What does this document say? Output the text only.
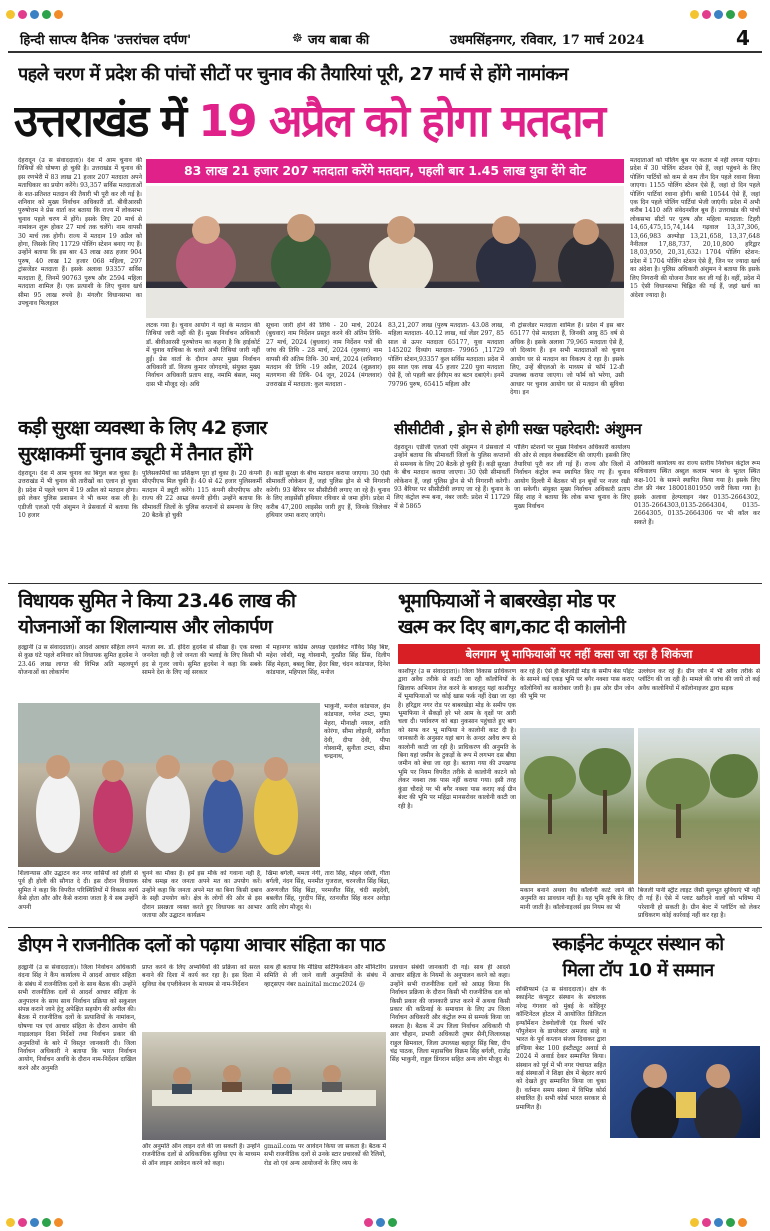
हिन्दी साप्त्य दैनिक 'उत्तरांचल दर्पण'	☸ जय बाबा की	उधमसिंहनगर, रविवार, 17 मार्च 2024	4
पहले चरण में प्रदेश की पांचों सीटों पर चुनाव की तैयारियां पूरी, 27 मार्च से होंगे नामांकन
उत्तराखंड में 19 अप्रैल को होगा मतदान
देहरादून (उ स संवाददाता)। देश में आम चुनाव की तिथियों की घोषणा हो चुकी है। उत्तराखंड में चुनाव की इस रणभेरी में 83 लाख 21 हजार 207 मतदाता अपने मताधिकार का प्रयोग करेंगे। 93,357 सर्विस मतदाताओं के शत-प्रतिशत मतदान की तैयारी भी पूरी कर ली गई है। शनिवार को मुख्य निर्वाचन अधिकारी डॉ. बीवीआरसी पुरुषोत्तम ने प्रेस वार्ता कर बताया कि राज्य में लोकसभा चुनाव पहले चरण में होंगे। इसके लिए 20 मार्च से नामांकन शुरू होकर 27 मार्च तक चलेंगे। नाम वापसी 30 मार्च तक होगी। राज्य में मतदान 19 अप्रैल को होगा, जिसके लिए 11729 पोलिंग स्टेशन बनाए गए हैं। उन्होंने बताया कि इस बार 43 लाख आठ हजार 904 पुरुष, 40 लाख 12 हजार 068 महिला, 297 ट्रांसजेंडर मतदाता हैं। इसके अलावा 93357 सर्विस मतदाता हैं, जिनमें 90763 पुरुष और 2594 महिला मतदाता शामिल हैं। एक प्रत्याशी के लिए चुनाव खर्च सीमा 95 लाख रुपये है। मंगलौर विधानसभा का उपचुनाव फिलहाल
83 लाख 21 हजार 207 मतदाता करेंगे मतदान, पहली बार 1.45 लाख युवा देंगे वोट
लटक गया है। चुनाव आयोग ने यहां के मतदान की तिथियां जारी नहीं की हैं। मुख्य निर्वाचन अधिकारी डॉ. बीवीआरसी पुरुषोत्तम का कहना है कि हाईकोर्ट में चुनाव याचिका के चलते अभी तिथियां जारी नहीं हुईं। प्रेस वार्ता के दौरान अपर मुख्य निर्वाचन अधिकारी डॉ. विजय कुमार जोगदण्डे, संयुक्त मुख्य निर्वाचन अधिकारी प्रताप शाह, नमामि बंसल, मस्तू दास भी मौजूद रहे। अधि
सूचना जारी होने की तिथि - 20 मार्च, 2024 (बुधवार) नाम निर्देशन प्रस्तुत करने की अंतिम तिथि- 27 मार्च, 2024 (बुधवार) नाम निर्देशन पत्रों की जांच की तिथि - 28 मार्च, 2024 (गुरुवार) नाम वापसी की अंतिम तिथि- 30 मार्च, 2024 (शनिवार) मतदान की तिथि -19 अप्रैल, 2024 (शुक्रवार) मतगणना की तिथि- 04 जून, 2024 (मंगलवार) उत्तराखंड में मतदाता: कुल मतदाता -
83,21,207 लाख (पुरुष मतदाता- 43.08 लाख, महिला मतदाता- 40.12 लाख, थर्ड जेंडर 297, 85 साल से ऊपर मतदाता 65177, युवा मतदाता 145202 दिव्यांग मतदाता- 79965 ,11729 पोलिंग स्टेशन,93357 कुल सर्विस मतदाता। प्रदेश में इस साल एक लाख 45 हजार 220 युवा मतदाता ऐसे हैं, जो पहली बार ईवीएम का बटन दबाएंगे। इनमें 79796 पुरुष, 65415 महिला और
नौ ट्रांसजेंडर मतदाता शामिल हैं। प्रदेश में इस बार 65177 ऐसे मतदाता हैं, जिनकी आयु 85 वर्ष से अधिक है। इसके अलावा 79,965 मतदाता ऐसे हैं, जो दिव्यांग हैं। इन सभी मतदाताओं को चुनाव आयोग घर से मतदान का विकल्प दे रहा है। इसके लिए, उन्हें बीएलओ के माध्यम से फॉर्म 12-डी उपलब्ध कराया जाएगा। जो फॉर्म को भरेगा, उसी आधार पर चुनाव आयोग घर से मतदान की सुविधा देगा। इन
मतदाताओं को पोलिंग बूथ पर कतार में नहीं लगना पड़ेगा। प्रदेश में 30 पोलिंग स्टेशन ऐसे हैं, जहां पहुंचने के लिए पोलिंग पार्टियों को कम से कम तीन दिन पहले रवाना किया जाएगा। 1155 पोलिंग स्टेशन ऐसे हैं, जहां दो दिन पहले पोलिंग पार्टियां रवाना होंगी। बाकी 10544 ऐसे हैं, जहां एक दिन पहले पोलिंग पार्टियां भेजी जाएंगी। प्रदेश में अभी करीब 1410 अति संवेदनशील बूथ हैं। उत्तराखंड की पांचों लोकसभा सीटों पर पुरुष और महिला मतदाता: टिहरी 14,65,475,15,74,144 गढ़वाल 13,37,306, 13,66,983 अल्मोड़ा 13,21,658, 13,37,648 नैनीताल 17,88,737, 20,10,800 हरिद्वार 18,03,950, 20,31,632। 1704 पोलिंग स्टेशन: प्रदेश में 1704 पोलिंग स्टेशन ऐसे हैं, जिन पर ज्यादा खर्च का अंदेशा है। पुलिस अधिकारी अंशुमन ने बताया कि इसके लिए निगरानी की योजना तैयार कर ली गई है। वहीं, प्रदेश में 15 ऐसी विधानसभा चिह्नित की गई हैं, जहां खर्च का अंदेशा ज्यादा है।
कड़ी सुरक्षा व्यवस्था के लिए 42 हजार
सुरक्षाकर्मी चुनाव ड्यूटी में तैनात होंगे
देहरादून। देश में आम चुनाव का बिगुल बज चुका है। उत्तराखंड में भी चुनाव की तारीखों का एलान हो चुका है। प्रदेश में पहले चरण में 19 अप्रैल को मतदान होगा। इसे लेकर पुलिस प्रशासन ने भी कमर कस ली है। एडीजी एलओ एपी अंशुमन ने प्रेसवार्ता में बताया कि 10 हजार
पुलिसकर्मियों का प्रशिक्षण पूरा हो चुका है। 20 कंपनी सीएपीएफ मिल चुकी हैं। 40 से 42 हजार पुलिसकर्मी मतदान में ड्यूटी करेंगे। 115 कंपनी सीएपीएफ और राज्य की 22 आम्र्ड कंपनी होंगी। उन्होंने बताया कि सीमावर्ती जिलों के पुलिस कप्तानों से समन्वय के लिए 20 बैठकें हो चुकी
हैं। कड़ी सुरक्षा के बीच मतदान कराया जाएगा। 30 ऐसी सीमावर्ती लोकेशन हैं, जहां पुलिस ड्रोन से भी निगरानी करेगी। 93 बैरियर पर सीसीटीवी लगाए जा रहे हैं। चुनाव के लिए लाइसेंसी हथियार रविवार से जमा होंगे। प्रदेश में करीब 47,200 लाइसेंस जारी हुए हैं, जिनके जिलेवार हथियार जमा कराए जाएंगे।
सीसीटीवी , ड्रोन से होगी सख्त पहरेदारी: अंशुमन
देहरादून। एडीजी एलओ एपी अंशुमन ने प्रेसवार्ता में उन्होंने बताया कि सीमावर्ती जिलों के पुलिस कप्तानों से समन्वय के लिए 20 बैठकें हो चुकी हैं। कड़ी सुरक्षा के बीच मतदान कराया जाएगा। 30 ऐसी सीमावर्ती लोकेशन हैं, जहां पुलिस ड्रोन से भी निगरानी करेगी। 93 बैरियर पर सीसीटीवी लगाए जा रहे हैं। चुनाव के लिए कंट्रोल रूम बना, नंबर जारी: प्रदेश में 11729 में से 5865
पोलिंग स्टेशनों पर मुख्य निर्वाचन अधिकारी कार्यालय की ओर से लाइव वेबकास्टिंग की जाएगी। इसकी लिए तैयारियां पूरी कर ली गई हैं। राज्य और जिलों में निर्वाचन कंट्रोल रूम स्थापित किए गए हैं। चुनाव आयोग दिल्ली में बैठकर भी इन बूथों पर नजर रखी जा सकेगी। संयुक्त मुख्य निर्वाचन अधिकारी प्रताप सिंह शाह ने बताया कि लोक सभा चुनाव के लिए मुख्य निर्वाचन
अधिकारी कार्यालय का राज्य स्तरीय निर्वाचन कंट्रोल रूम सचिवालय स्थित अब्दुल कलाम भवन के भूतल स्थित कक्ष-101 के सामने स्थापित किया गया है। इसके लिए टोल फ्री नंबर 18001801950 जारी किया गया है। इसके अलावा हेल्पलाइन नंबर 0135-2664302, 0135-2664303,0135-2664304, 0135-2664305, 0135-2664306 पर भी कॉल कर सकते हैं।
विधायक सुमित ने किया 23.46 लाख की
योजनाओं का शिलान्यास और लोकार्पण
हल्द्वानी (उ स संवाददाता)। आदर्श आचार संहिता लगने से कुछ घंटे पहले शनिवार को विधायक सुमित हृदयेश ने 23.46 लाख लागत की विभिन्न अति महत्वपूर्ण योजनाओं का लोकार्पण
मतजा स्व. डॉ. इंदिरा हृदयेश से सीखा है। एक सच्चा जननेता वही है जो जनता की भलाई के लिए किसी भी हद से गुजर जाये। सुमित हृदयेश ने कहा कि सबके सामने देश के लिए नई सरकार
में महानगर कांग्रेस अध्यक्ष एडवोकेट गोविंद सिंह बिष्ट, महेश जोशी, मन्नू गोस्वामी, गुरप्रीत सिंह प्रिंस, दिलीप सिंह मेहता, बबलू बिष्ट, हेंदर बिष्ट, चंदन कांडपाल, दिनेश कांडपाल, महिपाल सिंह, मनोज
भाकुनी, मनोज कांडपाल, हेम कांडपाल, गणेश टम्टा, पुष्पा मेहरा, मीनाक्षी नयाल, शांति कोरंगा, सीमा लोहानी, संगीता देवी, दीपा देवी, पीपा गोस्वामी, सुनीता टम्टा, सीमा चन्द्रनाथ,
शिलान्यास और उद्घाटन कर नगर वासियों को होली से पूर्व ही होली की सौगात दे दी। इस दौरान विधायक सुमित ने कहा कि विपरीत परिस्थितियों में विकास कार्य कैसे होता और और कैसे कराया जाता है ये सब उन्होंने अपनी
चुनने का मौका है। हमें इस मौके को गवाना नहीं है, सोच समझ कर जनता अपने मत का उपयोग करें। उन्होंने कहा कि जनता अपने मत का बिना किसी दबाव के सही उपयोग करे। क्षेत्र के लोगों की ओर से इस दौरान प्रसन्नता व्यक्त करते हुए विधायक का आभार जताया और उद्घाटन कार्यक्रम
खिमा बर्गली, ममता नेगी, तारा सिंह, मोहन जोशी, गीता बर्गली, नंदन सिंह, मनमीत गुजराल, चरनजीत सिंह बिंद्रा, अरुणजीत सिंह बिंद्रा, परमजीत सिंह, चंदी सहदेवी, बबलीत सिंह, गुरदीप सिंह, रतनजीत सिंह करन अरोड़ा आदि लोग मौजूद थे।
भूमाफियाओं ने बाबरखेड़ा मोड पर
खत्म कर दिए बाग,काट दी कालोनी
बेलगाम भू माफियाओं पर नहीं कसा जा रहा है शिकंजा
काशीपुर (उ स संवाददाता)। जिला विकास प्राधिकरण द्वारा अवैध तरीके से काटी जा रही कॉलोनियों के खिलाफ अभियान तेज करने के बावजूद यहां काशीपुर में भूमाफियाओं पर कोई खास फर्क नहीं देखा जा रहा है। हरिद्वार नगर रोड पर बाबरखेड़ा मोड़ के समीप एक भूमाफिया ने सैकड़ों हरे भरे आम के वृक्षों पर आरी चला दी। पर्यावरण को बड़ा नुकसान पहुंचाते हुए बाग को साफ कर भू माफिया ने कालोनी काट दी है। जानकारी के अनुसार यहां बाग के अन्दर अवैध रूप से कालोनी काटी जा रही है। प्राधिकरण की अनुमति के बिना यहां जमीन के टुकड़ों के रूप में लगभग दस बीघा जमीन को बेचा जा रहा है। बताया गया की उपखण्ड भूमि पर नियम विपरीत तरीके से कालोनी काटने को लेकर नक्शा तक पास नहीं कराया गया। इसी तरह कुंडा चौराहे पर भी बगैर नक्शा पास कराए कई ग्रीन बेल्ट की भूमि पर महिंद्रा मानसरोवर कालोनी काटी जा रही है।
कर रहे हैं। ऐसे ही बैलजोड़ी मोड़ के समीप बेस पाँइंट के सामने कई एकड़ भूमि पर बगैर नक्शा पास कराए कॉलोनियों का कारोबार जारी है। इस ओर ग्रीन जोन की भूमि पर
उल्लंघन कर रहे हैं। ग्रीन जोन में भी अवैध तरीके से प्लॉटिंग की जा रही है। मामले की जांच की जाये तो कई अवैध कालोनियों में कॉलोनाइजर द्वारा सड़क
मकान बनाने अथवा वैध कॉलोनी काटे जाने की अनुमति का प्रावधान नहीं है। यह भूमि कृषि के लिए मानी जाती है। कॉलोनाइजर्स इस नियम का भी
बिजली पानी स्ट्रीट लाइट जैसी मूलभूत सुविधाएं भी नहीं दी गई हैं। ऐसे में प्लाट खरीदने वालों को भविष्य में परेशानी हो सकती है। ग्रीन बेल्ट में प्लॉटिंग को लेकर प्राधिकरण कोई कार्रवाई नहीं कर रहा है।
डीएम ने राजनीतिक दलों को पढ़ाया आचार संहिता का पाठ
हल्द्वानी (उ स संवाददाता)। जिला निर्वाचन अधिकारी वंदना सिंह ने कैंप कार्यालय में आदर्श आचार संहिता के संबंध में राजनीतिक दलों के साथ बैठक की। उन्होंने सभी राजनीतिक दलों से आदर्श आचार संहिता के अनुपालन के साथ साथ निर्वाचन प्रक्रिया को सकुशल संपन्न कराने जाने हेतु अपेक्षित सहयोग की अपील की। बैठक में राजनीतिक दलों के प्रत्याशियों के नामांकन, घोषणा पत्र एवं आचार संहिता के दौरान आयोग की गाइडलाइन दिशा निर्देशों तथा निर्वाचन प्रकार की अनुमतियों के बारे में विस्तृत जानकारी दी। जिला निर्वाचन अधिकारी ने बताया कि भारत निर्वाचन आयोग, निर्वाचन अवधि के दौरान नाम-निर्देशन दाखिल करने और अनुमति
प्राप्त करने के लिए अभ्यर्थियों की प्रक्रिया को सरल बनाने की दिशा में कार्य कर रहा है। इस दिशा में सुविधा वेब एप्लीकेशन के माध्यम से नाम-निर्देशन
साथ ही बताया कि मीडिया सर्टिफिकेशन और मॉनिटरिंग समिति से ली जाने वाली अनुमतियों के संबंध में व्हाट्सएप नंबर nainital mcmc2024 @
प्रावधान संबंधी जानकारी दी गई। साथ ही आदर्श आचार संहिता के नियमों के अनुपालन करने को कहा। उन्होंने सभी राजनीतिक दलों को आग्रह किया कि निर्वाचन प्रक्रिया के दौरान किसी भी राजनीतिक दल को किसी प्रकार की जानकारी प्राप्त करने में अथवा किसी प्रकार की कठिनाई के समाधान के लिए उप जिला निर्वाचन अधिकारी और कंट्रोल रूम से सम्पर्क किया जा सकता है। बैठक में उप जिला निर्वाचन अधिकारी पी आर चौहान, प्रभारी अधिकारी तुषार सैनी,जिलाध्यक्ष राहुल छिमवाल, जिला उपाध्यक्ष बहादुर सिंह बिष्ट, दीप चंद्र पाठक, जिला महासचिव विक्रम सिंह बर्गली, राजेंद्र सिंह भाकुनी, राहुल डिंगरान सहित अन्य लोग मौजूद थे।
और अनुमति ऑन लाइन दर्ज की जा सकती है। उन्होंने राजनीतिक दलों से अधिकाधिक सुविधा एप के माध्यम से ऑन लाइन आवेदन करने को कहा।
gmail.com पर आवेदन किया जा सकता है। बैठक में सभी राजनीतिक दलों से उनके स्टार प्रचारकों की रैलियों, रोड शो एवं अन्य आयोजनों के लिए व्यय के
स्काईनेट कंप्यूटर संस्थान को
मिला टॉप 10 में सम्मान
शक्तिफार्म (उ स संवाददाता)। क्षेत्र के स्काईनेट कंप्यूटर संस्थान के संचालक नरेन्द्र गंगवार को मुंबई के कोहिनूर कॉन्टिनेंटल होटल में आयोजित डिजिटल इन्फॉर्मेशन टेक्नोलॉजी एंड रिसर्च फॉर पॉपुलेशन के डायरेक्टर अमजद साहे व भारत के पूर्व कप्तान संजय दिवाकर द्वारा इण्डिया बेस्ट 100 इंस्टीट्यूट अवार्ड से 2024 में अवार्ड देकर सम्मानित किया। संस्थान को पूर्व में भी नगर पंचायत सहित कई संस्थाओं ने शिक्षा क्षेत्र में बेहतर कार्य को देखते हुए सम्मानित किया जा चुका है। वर्तमान समय संस्था में विभिन्न कोर्स संचालित हैं। सभी कोर्स भारत सरकार से प्रमाणित हैं।
